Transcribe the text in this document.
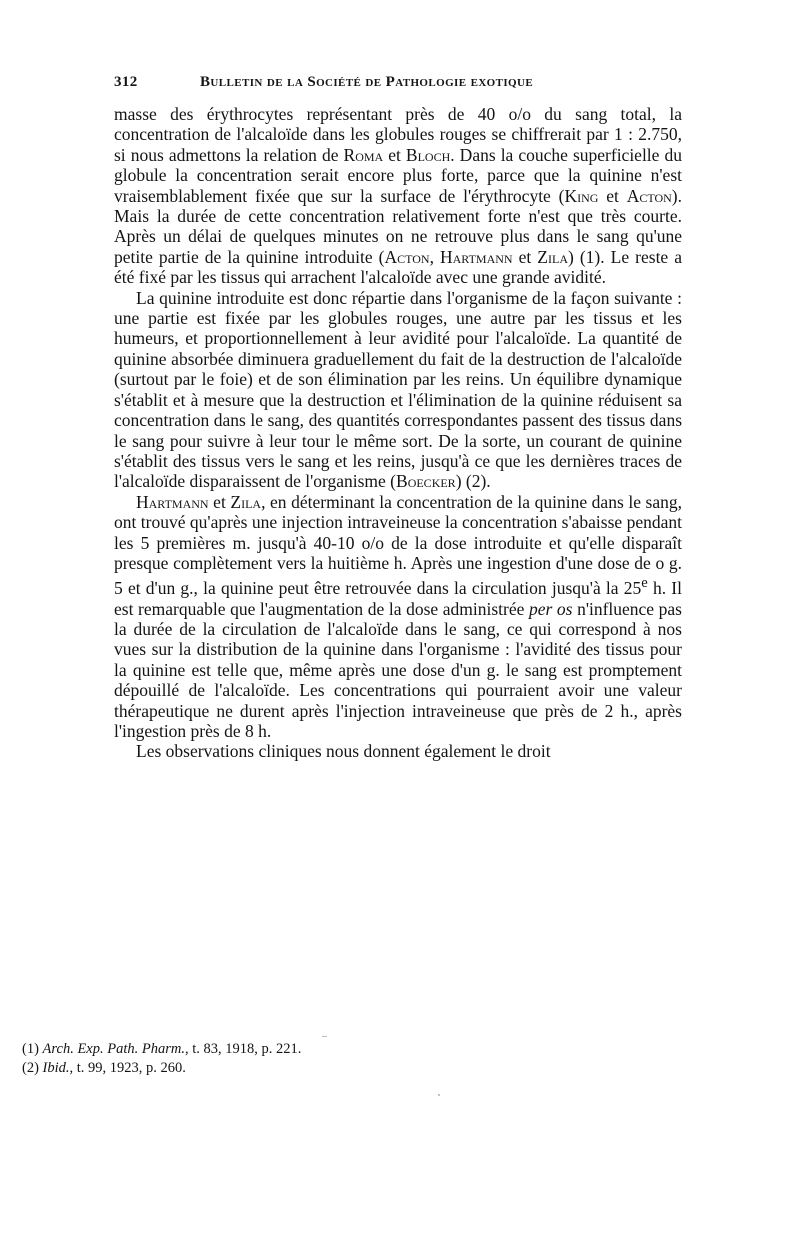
312	Bulletin de la Société de Pathologie exotique

masse des érythrocytes représentant près de 40 o/o du sang total, la concentration de l'alcaloïde dans les globules rouges se chiffrerait par 1 : 2.750, si nous admettons la relation de Roma et Bloch. Dans la couche superficielle du globule la concentration serait encore plus forte, parce que la quinine n'est vraisemblablement fixée que sur la surface de l'érythrocyte (King et Acton). Mais la durée de cette concentration relativement forte n'est que très courte. Après un délai de quelques minutes on ne retrouve plus dans le sang qu'une petite partie de la quinine introduite (Acton, Hartmann et Zila) (1). Le reste a été fixé par les tissus qui arrachent l'alcaloïde avec une grande avidité.

La quinine introduite est donc répartie dans l'organisme de la façon suivante : une partie est fixée par les globules rouges, une autre par les tissus et les humeurs, et proportionnellement à leur avidité pour l'alcaloïde. La quantité de quinine absorbée diminuera graduellement du fait de la destruction de l'alcaloïde (surtout par le foie) et de son élimination par les reins. Un équilibre dynamique s'établit et à mesure que la destruction et l'élimination de la quinine réduisent sa concentration dans le sang, des quantités correspondantes passent des tissus dans le sang pour suivre à leur tour le même sort. De la sorte, un courant de quinine s'établit des tissus vers le sang et les reins, jusqu'à ce que les dernières traces de l'alcaloïde disparaissent de l'organisme (Boecker) (2).

Hartmann et Zila, en déterminant la concentration de la quinine dans le sang, ont trouvé qu'après une injection intraveineuse la concentration s'abaisse pendant les 5 premières m. jusqu'à 40-10 o/o de la dose introduite et qu'elle disparaît presque complètement vers la huitième h. Après une ingestion d'une dose de o g. 5 et d'un g., la quinine peut être retrouvée dans la circulation jusqu'à la 25e h. Il est remarquable que l'augmentation de la dose administrée per os n'influence pas la durée de la circulation de l'alcaloïde dans le sang, ce qui correspond à nos vues sur la distribution de la quinine dans l'organisme : l'avidité des tissus pour la quinine est telle que, même après une dose d'un g. le sang est promptement dépouillé de l'alcaloïde. Les concentrations qui pourraient avoir une valeur thérapeutique ne durent après l'injection intraveineuse que près de 2 h., après l'ingestion près de 8 h.

Les observations cliniques nous donnent également le droit

(1) Arch. Exp. Path. Pharm., t. 83, 1918, p. 221.

(2) Ibid., t. 99, 1923, p. 260.
